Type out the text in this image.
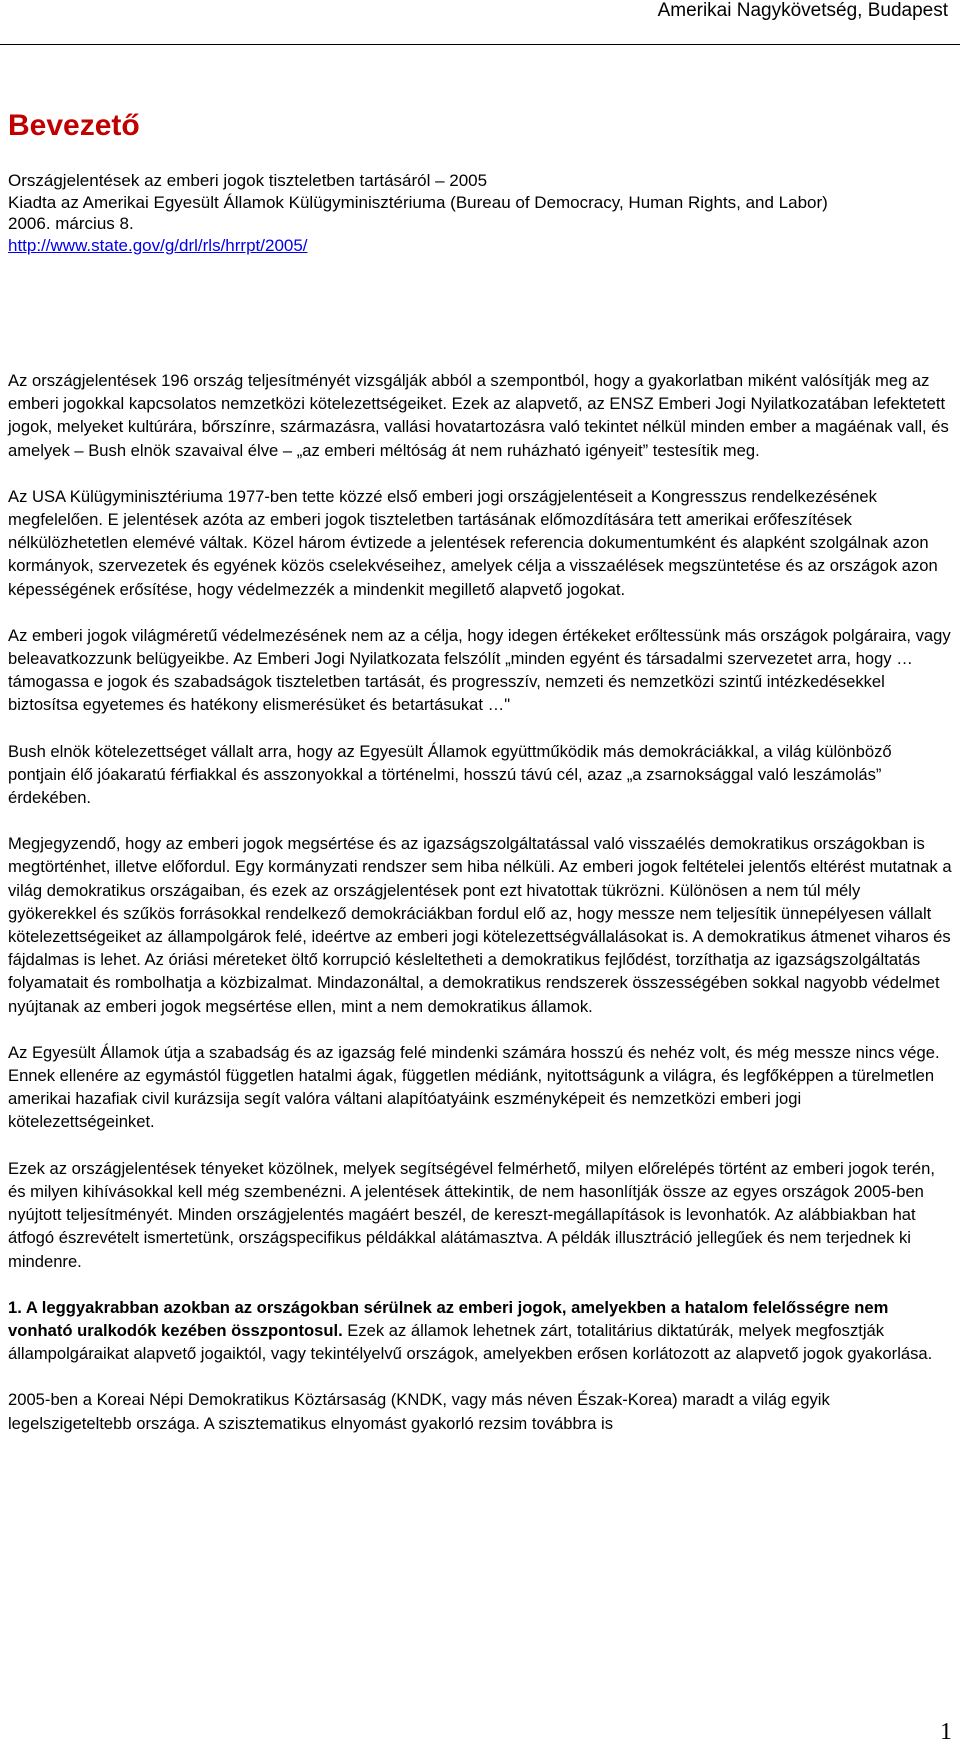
Amerikai Nagykövetség, Budapest
Bevezető
Országjelentések az emberi jogok tiszteletben tartásáról – 2005
Kiadta az Amerikai Egyesült Államok Külügyminisztériuma (Bureau of Democracy, Human Rights, and Labor)
2006. március 8.
http://www.state.gov/g/drl/rls/hrrpt/2005/

Az országjelentések 196 ország teljesítményét vizsgálják abból a szempontból, hogy a gyakorlatban miként valósítják meg az emberi jogokkal kapcsolatos nemzetközi kötelezettségeiket. Ezek az alapvető, az ENSZ Emberi Jogi Nyilatkozatában lefektetett jogok, melyeket kultúrára, bőrszínre, származásra, vallási hovatartozásra való tekintet nélkül minden ember a magáénak vall, és amelyek – Bush elnök szavaival élve – „az emberi méltóság át nem ruházható igényeit” testesítik meg.

Az USA Külügyminisztériuma 1977-ben tette közzé első emberi jogi országjelentéseit a Kongresszus rendelkezésének megfelelően. E jelentések azóta az emberi jogok tiszteletben tartásának előmozdítására tett amerikai erőfeszítések nélkülözhetetlen elemévé váltak. Közel három évtizede a jelentések referencia dokumentumként és alapként szolgálnak azon kormányok, szervezetek és egyének közös cselekvéseihez, amelyek célja a visszaélések megszüntetése és az országok azon képességének erősítése, hogy védelmezzék a mindenkit megillető alapvető jogokat.

Az emberi jogok világméretű védelmezésének nem az a célja, hogy idegen értékeket erőltessünk más országok polgáraira, vagy beleavatkozzunk belügyeikbe. Az Emberi Jogi Nyilatkozata felszólít „minden egyént és társadalmi szervezetet arra, hogy … támogassa e jogok és szabadságok tiszteletben tartását, és progresszív, nemzeti és nemzetközi szintű intézkedésekkel biztosítsa egyetemes és hatékony elismerésüket és betartásukat …"

Bush elnök kötelezettséget vállalt arra, hogy az Egyesült Államok együttműködik más demokráciákkal, a világ különböző pontjain élő jóakaratú férfiakkal és asszonyokkal a történelmi, hosszú távú cél, azaz „a zsarnoksággal való leszámolás” érdekében.

Megjegyzendő, hogy az emberi jogok megsértése és az igazságszolgáltatással való visszaélés demokratikus országokban is megtörténhet, illetve előfordul. Egy kormányzati rendszer sem hiba nélküli. Az emberi jogok feltételei jelentős eltérést mutatnak a világ demokratikus országaiban, és ezek az országjelentések pont ezt hivatottak tükrözni. Különösen a nem túl mély gyökerekkel és szűkös forrásokkal rendelkező demokráciákban fordul elő az, hogy messze nem teljesítik ünnepélyesen vállalt kötelezettségeiket az állampolgárok felé, ideértve az emberi jogi kötelezettségvállalásokat is. A demokratikus átmenet viharos és fájdalmas is lehet. Az óriási méreteket öltő korrupció késleltetheti a demokratikus fejlődést, torzíthatja az igazságszolgáltatás folyamatait és rombolhatja a közbizalmat. Mindazonáltal, a demokratikus rendszerek összességében sokkal nagyobb védelmet nyújtanak az emberi jogok megsértése ellen, mint a nem demokratikus államok.

Az Egyesült Államok útja a szabadság és az igazság felé mindenki számára hosszú és nehéz volt, és még messze nincs vége. Ennek ellenére az egymástól független hatalmi ágak, független médiánk, nyitottságunk a világra, és legfőképpen a türelmetlen amerikai hazafiak civil kurázsija segít valóra váltani alapítóatyáink eszményképeit és nemzetközi emberi jogi kötelezettségeinket.

Ezek az országjelentések tényeket közölnek, melyek segítségével felmérhető, milyen előrelépés történt az emberi jogok terén, és milyen kihívásokkal kell még szembenézni. A jelentések áttekintik, de nem hasonlítják össze az egyes országok 2005-ben nyújtott teljesítményét. Minden országjelentés magáért beszél, de kereszt-megállapítások is levonhatók. Az alábbiakban hat átfogó észrevételt ismertetünk, országspecifikus példákkal alátámasztva. A példák illusztráció jellegűek és nem terjednek ki mindenre.

1. A leggyakrabban azokban az országokban sérülnek az emberi jogok, amelyekben a hatalom felelősségre nem vonható uralkodók kezében összpontosul. Ezek az államok lehetnek zárt, totalitárius diktatúrák, melyek megfosztják állampolgáraikat alapvető jogaiktól, vagy tekintélyelvű országok, amelyekben erősen korlátozott az alapvető jogok gyakorlása.

2005-ben a Koreai Népi Demokratikus Köztársaság (KNDK, vagy más néven Észak-Korea) maradt a világ egyik legelszigeteltebb országa. A szisztematikus elnyomást gyakorló rezsim továbbra is

1
